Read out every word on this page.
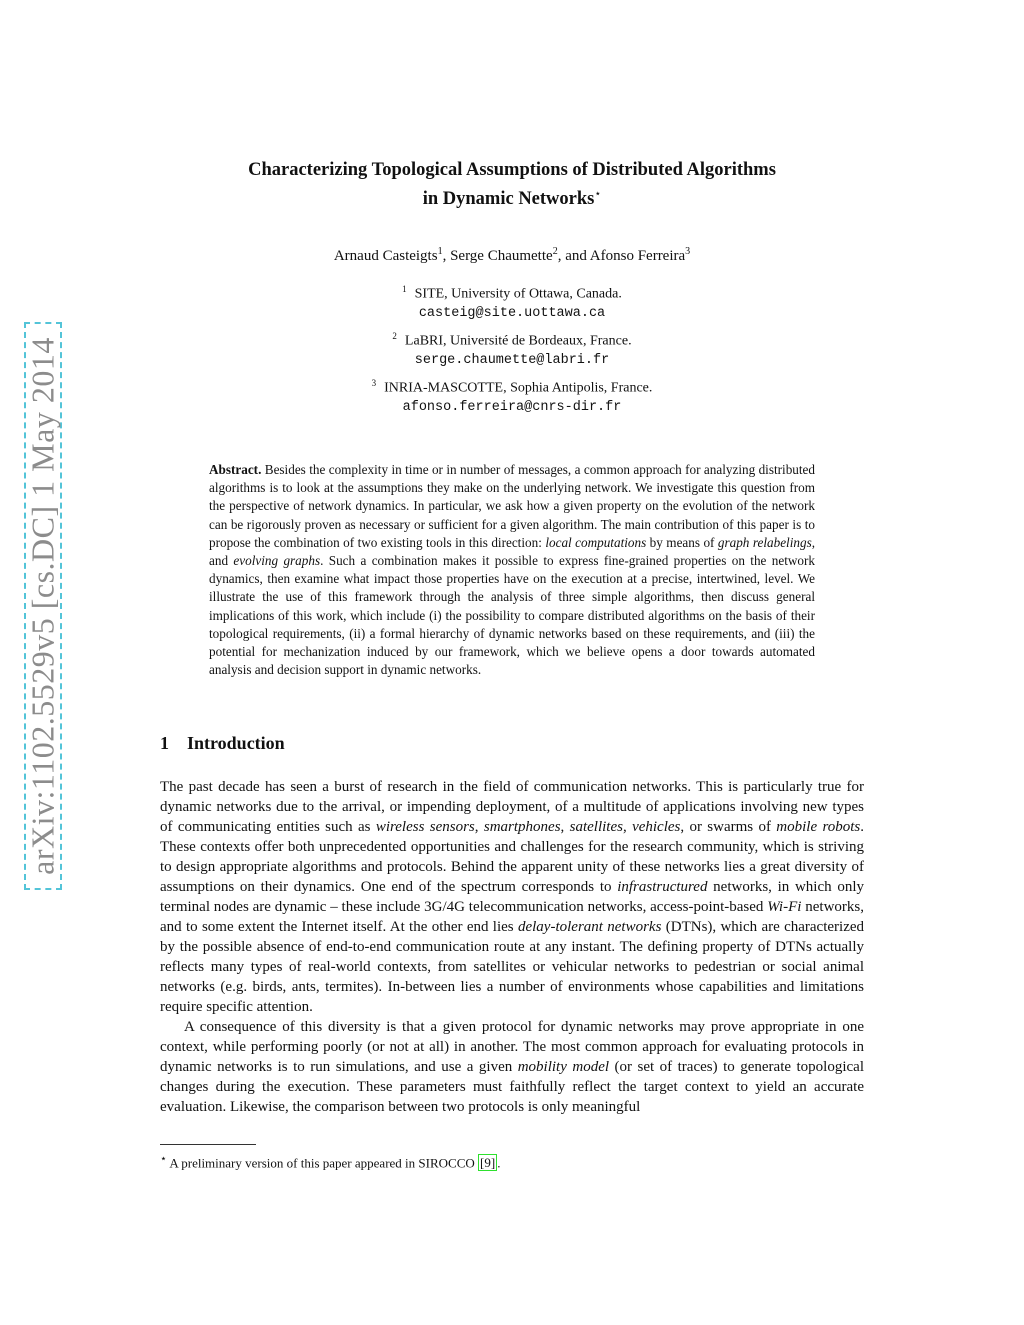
arXiv:1102.5529v5 [cs.DC] 1 May 2014
Characterizing Topological Assumptions of Distributed Algorithms
in Dynamic Networks⋆
Arnaud Casteigts$^1$, Serge Chaumette$^2$, and Afonso Ferreira$^3$
$^1$ SITE, University of Ottawa, Canada.
casteig@site.uottawa.ca
$^2$ LaBRI, Université de Bordeaux, France.
serge.chaumette@labri.fr
$^3$ INRIA-MASCOTTE, Sophia Antipolis, France.
afonso.ferreira@cnrs-dir.fr
Abstract. Besides the complexity in time or in number of messages, a common approach for analyzing distributed algorithms is to look at the assumptions they make on the underlying network. We investigate this question from the perspective of network dynamics. In particular, we ask how a given property on the evolution of the network can be rigorously proven as necessary or sufficient for a given algorithm. The main contribution of this paper is to propose the combination of two existing tools in this direction: local computations by means of graph relabelings, and evolving graphs. Such a combination makes it possible to express fine-grained properties on the network dynamics, then examine what impact those properties have on the execution at a precise, intertwined, level. We illustrate the use of this framework through the analysis of three simple algorithms, then discuss general implications of this work, which include (i) the possibility to compare distributed algorithms on the basis of their topological requirements, (ii) a formal hierarchy of dynamic networks based on these requirements, and (iii) the potential for mechanization induced by our framework, which we believe opens a door towards automated analysis and decision support in dynamic networks.
1 Introduction

The past decade has seen a burst of research in the field of communication networks. This is particularly true for dynamic networks due to the arrival, or impending deployment, of a multitude of applications involving new types of communicating entities such as wireless sensors, smartphones, satellites, vehicles, or swarms of mobile robots. These contexts offer both unprecedented opportunities and challenges for the research community, which is striving to design appropriate algorithms and protocols. Behind the apparent unity of these networks lies a great diversity of assumptions on their dynamics. One end of the spectrum corresponds to infrastructured networks, in which only terminal nodes are dynamic – these include 3G/4G telecommunication networks, access-point-based Wi-Fi networks, and to some extent the Internet itself. At the other end lies delay-tolerant networks (DTNs), which are characterized by the possible absence of end-to-end communication route at any instant. The defining property of DTNs actually reflects many types of real-world contexts, from satellites or vehicular networks to pedestrian or social animal networks (e.g. birds, ants, termites). In-between lies a number of environments whose capabilities and limitations require specific attention.

A consequence of this diversity is that a given protocol for dynamic networks may prove appropriate in one context, while performing poorly (or not at all) in another. The most common approach for evaluating protocols in dynamic networks is to run simulations, and use a given mobility model (or set of traces) to generate topological changes during the execution. These parameters must faithfully reflect the target context to yield an accurate evaluation. Likewise, the comparison between two protocols is only meaningful

⋆ A preliminary version of this paper appeared in SIROCCO [9] .
